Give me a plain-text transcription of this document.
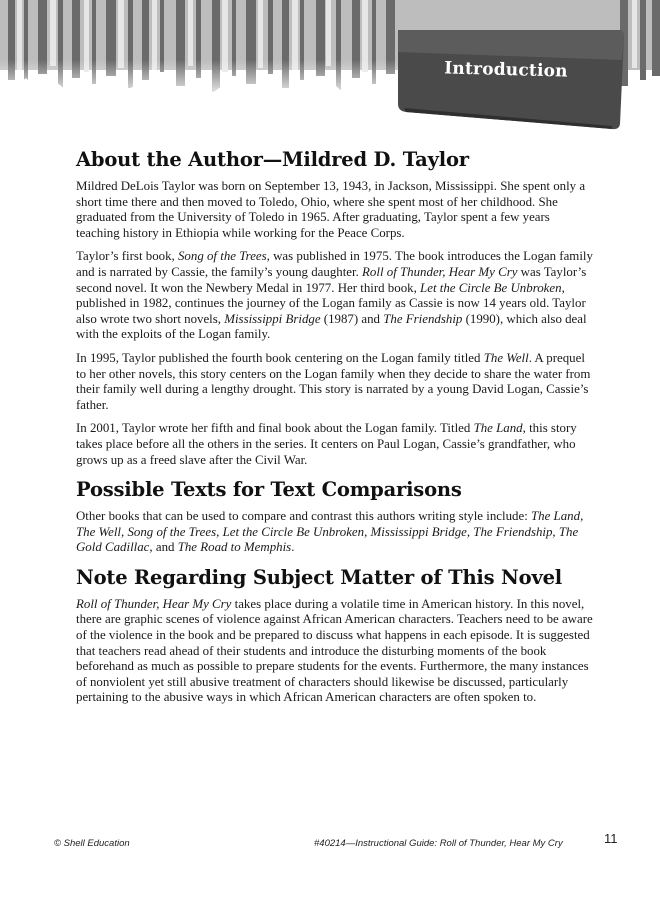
Introduction
About the Author—Mildred D. Taylor

Mildred DeLois Taylor was born on September 13, 1943, in Jackson, Mississippi. She spent only a short time there and then moved to Toledo, Ohio, where she spent most of her childhood. She graduated from the University of Toledo in 1965. After graduating, Taylor spent a few years teaching history in Ethiopia while working for the Peace Corps.

Taylor’s first book, Song of the Trees, was published in 1975. The book introduces the Logan family and is narrated by Cassie, the family’s young daughter. Roll of Thunder, Hear My Cry was Taylor’s second novel. It won the Newbery Medal in 1977. Her third book, Let the Circle Be Unbroken, published in 1982, continues the journey of the Logan family as Cassie is now 14 years old. Taylor also wrote two short novels, Mississippi Bridge (1987) and The Friendship (1990), which also deal with the exploits of the Logan family.

In 1995, Taylor published the fourth book centering on the Logan family titled The Well. A prequel to her other novels, this story centers on the Logan family when they decide to share the water from their family well during a lengthy drought. This story is narrated by a young David Logan, Cassie’s father.

In 2001, Taylor wrote her fifth and final book about the Logan family. Titled The Land, this story takes place before all the others in the series. It centers on Paul Logan, Cassie’s grandfather, who grows up as a freed slave after the Civil War.

Possible Texts for Text Comparisons

Other books that can be used to compare and contrast this authors writing style include: The Land, The Well, Song of the Trees, Let the Circle Be Unbroken, Mississippi Bridge, The Friendship, The Gold Cadillac, and The Road to Memphis.

Note Regarding Subject Matter of This Novel

Roll of Thunder, Hear My Cry takes place during a volatile time in American history. In this novel, there are graphic scenes of violence against African American characters. Teachers need to be aware of the violence in the book and be prepared to discuss what happens in each episode. It is suggested that teachers read ahead of their students and introduce the disturbing moments of the book beforehand as much as possible to prepare students for the events. Furthermore, the many instances of nonviolent yet still abusive treatment of characters should likewise be discussed, particularly pertaining to the abusive ways in which African American characters are often spoken to.

© Shell Education	#40214—Instructional Guide: Roll of Thunder, Hear My Cry	11
